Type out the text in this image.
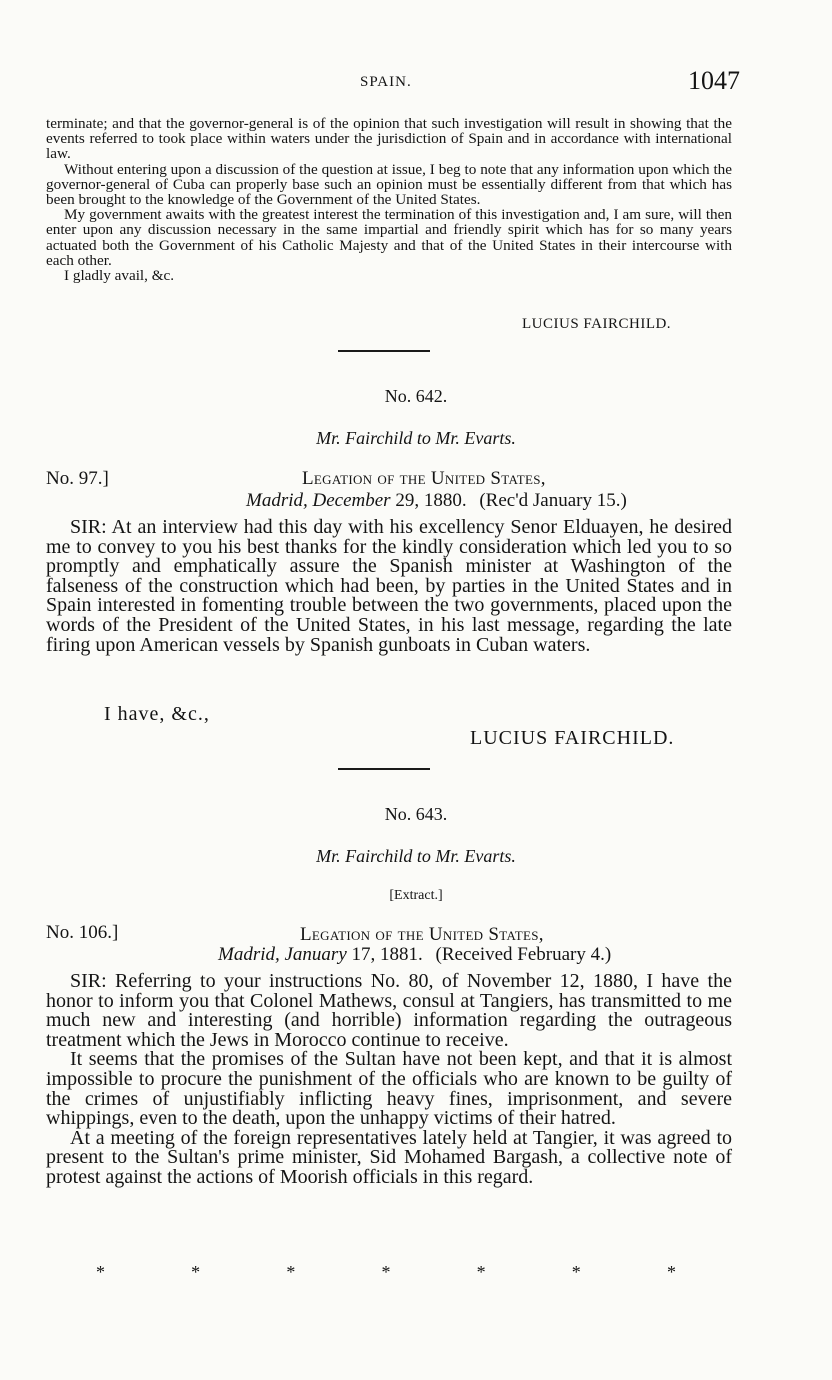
SPAIN.	1047

terminate; and that the governor-general is of the opinion that such investigation will result in showing that the events referred to took place within waters under the jurisdiction of Spain and in accordance with international law.

Without entering upon a discussion of the question at issue, I beg to note that any information upon which the governor-general of Cuba can properly base such an opinion must be essentially different from that which has been brought to the knowledge of the Government of the United States.

My government awaits with the greatest interest the termination of this investigation and, I am sure, will then enter upon any discussion necessary in the same impartial and friendly spirit which has for so many years actuated both the Government of his Catholic Majesty and that of the United States in their intercourse with each other.

I gladly avail, &c.

LUCIUS FAIRCHILD.
No. 642.
Mr. Fairchild to Mr. Evarts.
No. 97.]	Legation of the United States,
Madrid, December 29, 1880. (Rec'd January 15.)

SIR: At an interview had this day with his excellency Senor Elduayen, he desired me to convey to you his best thanks for the kindly consideration which led you to so promptly and emphatically assure the Spanish minister at Washington of the falseness of the construction which had been, by parties in the United States and in Spain interested in fomenting trouble between the two governments, placed upon the words of the President of the United States, in his last message, regarding the late firing upon American vessels by Spanish gunboats in Cuban waters.

I have, &c.,
LUCIUS FAIRCHILD.
No. 643.
Mr. Fairchild to Mr. Evarts.
[Extract.]
No. 106.]	Legation of the United States,
Madrid, January 17, 1881. (Received February 4.)

SIR: Referring to your instructions No. 80, of November 12, 1880, I have the honor to inform you that Colonel Mathews, consul at Tangiers, has transmitted to me much new and interesting (and horrible) information regarding the outrageous treatment which the Jews in Morocco continue to receive.

It seems that the promises of the Sultan have not been kept, and that it is almost impossible to procure the punishment of the officials who are known to be guilty of the crimes of unjustifiably inflicting heavy fines, imprisonment, and severe whippings, even to the death, upon the unhappy victims of their hatred.

At a meeting of the foreign representatives lately held at Tangier, it was agreed to present to the Sultan's prime minister, Sid Mohamed Bargash, a collective note of protest against the actions of Moorish officials in this regard.

*	*	*	*	*	*	*
